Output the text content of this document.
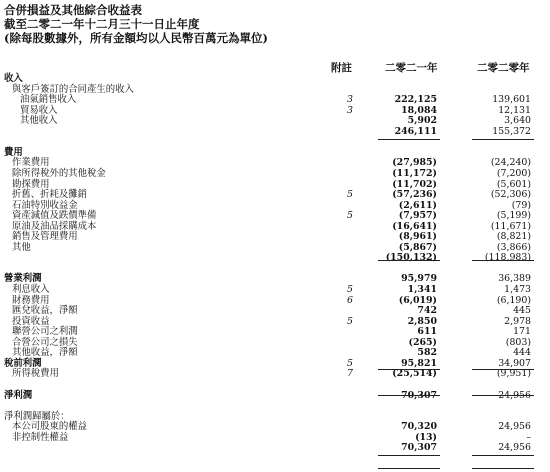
合併損益及其他綜合收益表
截至二零二一年十二月三十一日止年度
(除每股數據外，所有金額均以人民幣百萬元為單位)
附註	二零二一年	二零二零年
收入
與客戶簽訂的合同產生的收入
油氣銷售收入	3	222,125	139,601
貿易收入	3	18,084	12,131
其他收入	5,902	3,640
246,111	155,372
費用
作業費用	(27,985)	(24,240)
除所得稅外的其他稅金	(11,172)	(7,200)
勘探費用	(11,702)	(5,601)
折舊、折耗及攤銷	5	(57,236)	(52,306)
石油特別收益金	(2,611)	(79)
資產減值及跌價準備	5	(7,957)	(5,199)
原油及油品採購成本	(16,641)	(11,671)
銷售及管理費用	(8,961)	(8,821)
其他	(5,867)	(3,866)
(150,132)	(118,983)
營業利潤	95,979	36,389
利息收入	5	1,341	1,473
財務費用	6	(6,019)	(6,190)
匯兌收益，淨額	742	445
投資收益	5	2,850	2,978
聯營公司之利潤	611	171
合營公司之損失	(265)	(803)
其他收益，淨額	582	444
稅前利潤	5	95,821	34,907
所得稅費用	7	(25,514)	(9,951)
淨利潤	70,307	24,956
淨利潤歸屬於：
本公司股東的權益	70,320	24,956
非控制性權益	(13)	–
70,307	24,956
